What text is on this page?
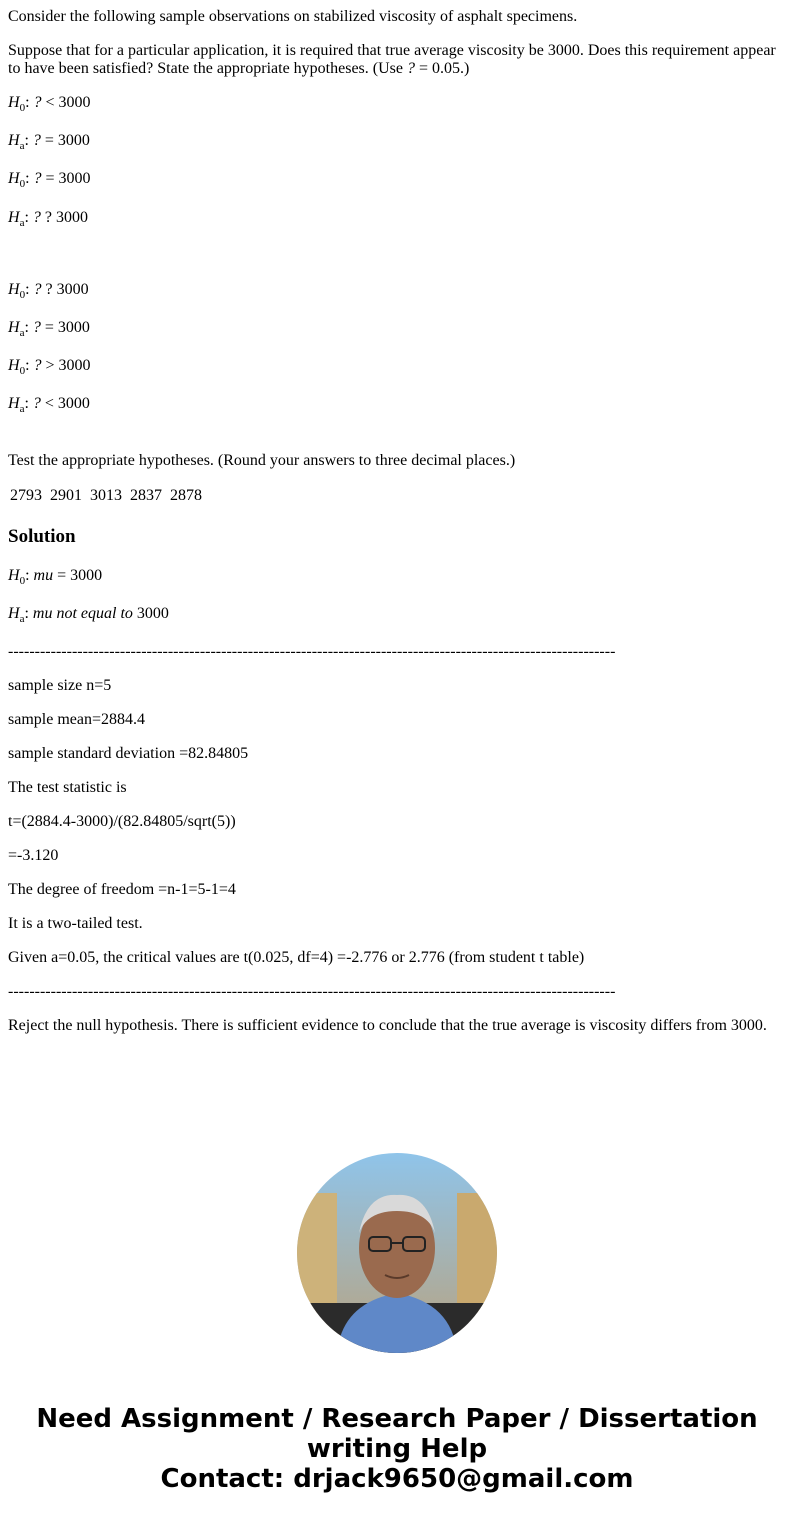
Consider the following sample observations on stabilized viscosity of asphalt specimens.

Suppose that for a particular application, it is required that true average viscosity be 3000. Does this requirement appear to have been satisfied? State the appropriate hypotheses. (Use ? = 0.05.)

$H_0$: ? < 3000

$H_a$: ? = 3000

$H_0$: ? = 3000

$H_a$: ? ? 3000

$H_0$: ? ? 3000

$H_a$: ? = 3000

$H_0$: ? > 3000

$H_a$: ? < 3000

Test the appropriate hypotheses. (Round your answers to three decimal places.)

2793 2901 3013 2837 2878
Solution

$H_0$: mu = 3000

$H_a$: mu not equal to 3000

------------------------------------------------------------------------------------------------------------------

sample size n=5

sample mean=2884.4

sample standard deviation =82.84805

The test statistic is

t=(2884.4-3000)/(82.84805/sqrt(5))

=-3.120

The degree of freedom =n-1=5-1=4

It is a two-tailed test.

Given a=0.05, the critical values are t(0.025, df=4) =-2.776 or 2.776 (from student t table)

------------------------------------------------------------------------------------------------------------------

Reject the null hypothesis. There is sufficient evidence to conclude that the true average is viscosity differs from 3000.

Need Assignment / Research Paper / Dissertation
writing Help
Contact: drjack9650@gmail.com
